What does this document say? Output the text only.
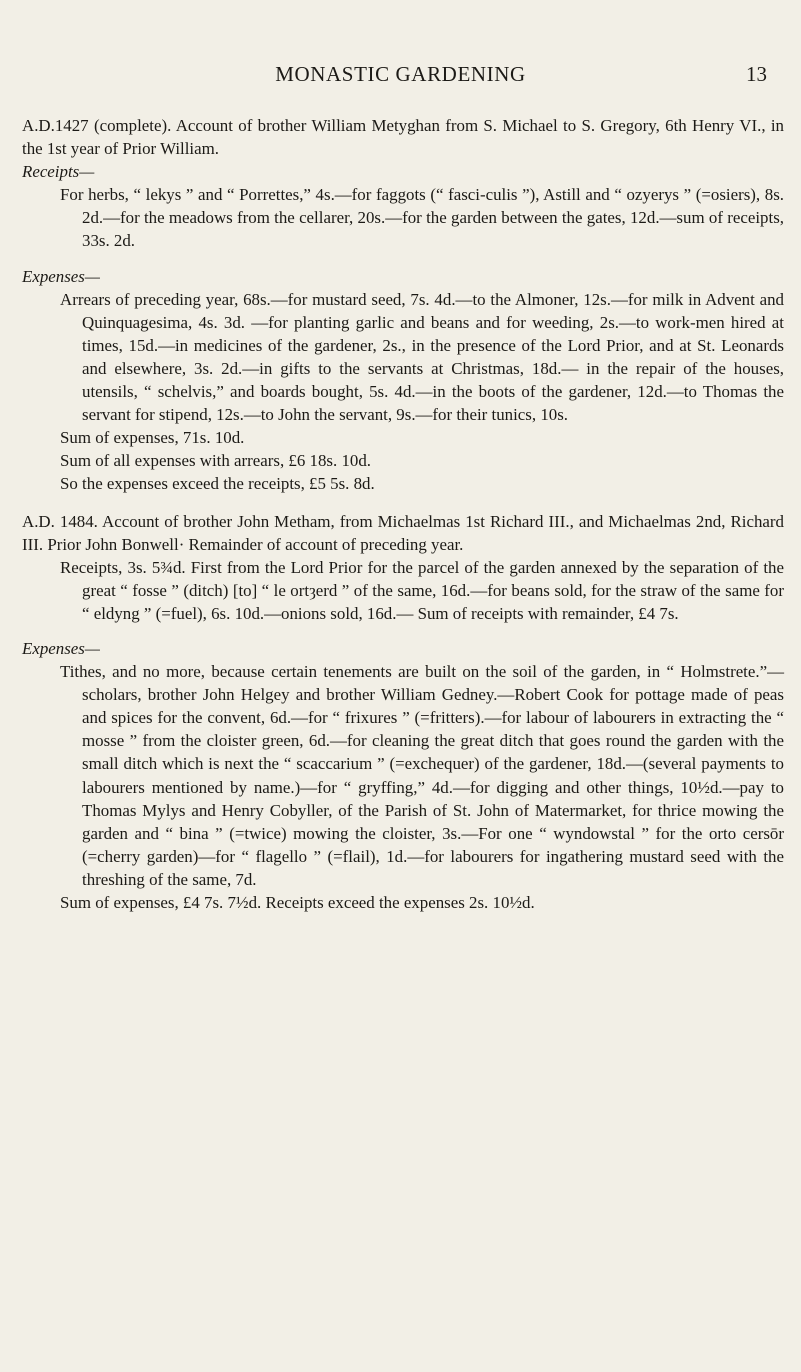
MONASTIC GARDENING	13

A.D.1427 (complete). Account of brother William Metyghan from S. Michael to S. Gregory, 6th Henry VI., in the 1st year of Prior William.

Receipts—

For herbs, “ lekys ” and “ Porrettes,” 4s.—for faggots (“ fasci-culis ”), Astill and “ ozyerys ” (=osiers), 8s. 2d.—for the meadows from the cellarer, 20s.—for the garden between the gates, 12d.—sum of receipts, 33s. 2d.

Expenses—

Arrears of preceding year, 68s.—for mustard seed, 7s. 4d.—to the Almoner, 12s.—for milk in Advent and Quinquagesima, 4s. 3d. —for planting garlic and beans and for weeding, 2s.—to work-men hired at times, 15d.—in medicines of the gardener, 2s., in the presence of the Lord Prior, and at St. Leonards and elsewhere, 3s. 2d.—in gifts to the servants at Christmas, 18d.— in the repair of the houses, utensils, “ schelvis,” and boards bought, 5s. 4d.—in the boots of the gardener, 12d.—to Thomas the servant for stipend, 12s.—to John the servant, 9s.—for their tunics, 10s.

Sum of expenses, 71s. 10d.

Sum of all expenses with arrears, £6 18s. 10d.

So the expenses exceed the receipts, £5 5s. 8d.

A.D. 1484. Account of brother John Metham, from Michaelmas 1st Richard III., and Michaelmas 2nd, Richard III. Prior John Bonwell· Remainder of account of preceding year.

Receipts, 3s. 5¾d. First from the Lord Prior for the parcel of the garden annexed by the separation of the great “ fosse ” (ditch) [to] “ le ortȝerd ” of the same, 16d.—for beans sold, for the straw of the same for “ eldyng ” (=fuel), 6s. 10d.—onions sold, 16d.— Sum of receipts with remainder, £4 7s.

Expenses—

Tithes, and no more, because certain tenements are built on the soil of the garden, in “ Holmstrete.”—scholars, brother John Helgey and brother William Gedney.—Robert Cook for pottage made of peas and spices for the convent, 6d.—for “ frixures ” (=fritters).—for labour of labourers in extracting the “ mosse ” from the cloister green, 6d.—for cleaning the great ditch that goes round the garden with the small ditch which is next the “ scaccarium ” (=exchequer) of the gardener, 18d.—(several payments to labourers mentioned by name.)—for “ gryffing,” 4d.—for digging and other things, 10½d.—pay to Thomas Mylys and Henry Cobyller, of the Parish of St. John of Matermarket, for thrice mowing the garden and “ bina ” (=twice) mowing the cloister, 3s.—For one “ wyndowstal ” for the orto cersōr (=cherry garden)—for “ flagello ” (=flail), 1d.—for labourers for ingathering mustard seed with the threshing of the same, 7d.

Sum of expenses, £4 7s. 7½d. Receipts exceed the expenses 2s. 10½d.
